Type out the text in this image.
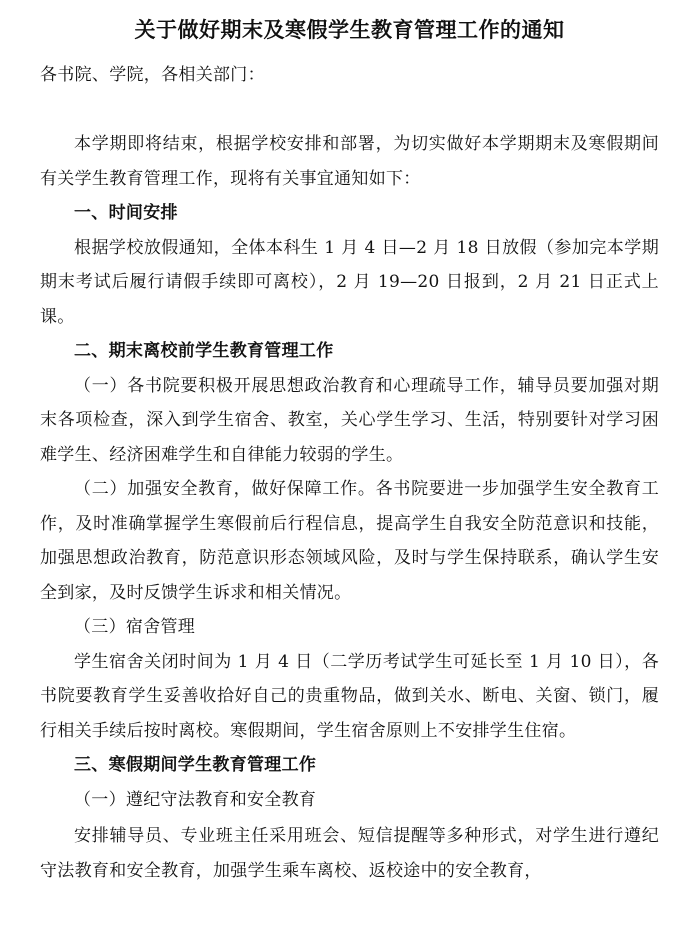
关于做好期末及寒假学生教育管理工作的通知

各书院、学院，各相关部门：

本学期即将结束，根据学校安排和部署，为切实做好本学期期末及寒假期间有关学生教育管理工作，现将有关事宜通知如下：

一、时间安排

根据学校放假通知，全体本科生 1 月 4 日—2 月 18 日放假（参加完本学期期末考试后履行请假手续即可离校），2 月 19—20 日报到，2 月 21 日正式上课。

二、期末离校前学生教育管理工作

（一）各书院要积极开展思想政治教育和心理疏导工作，辅导员要加强对期末各项检查，深入到学生宿舍、教室，关心学生学习、生活，特别要针对学习困难学生、经济困难学生和自律能力较弱的学生。

（二）加强安全教育，做好保障工作。各书院要进一步加强学生安全教育工作，及时准确掌握学生寒假前后行程信息，提高学生自我安全防范意识和技能，加强思想政治教育，防范意识形态领域风险，及时与学生保持联系，确认学生安全到家，及时反馈学生诉求和相关情况。

（三）宿舍管理

学生宿舍关闭时间为 1 月 4 日（二学历考试学生可延长至 1 月 10 日），各书院要教育学生妥善收拾好自己的贵重物品，做到关水、断电、关窗、锁门，履行相关手续后按时离校。寒假期间，学生宿舍原则上不安排学生住宿。

三、寒假期间学生教育管理工作

（一）遵纪守法教育和安全教育

安排辅导员、专业班主任采用班会、短信提醒等多种形式，对学生进行遵纪守法教育和安全教育，加强学生乘车离校、返校途中的安全教育，
